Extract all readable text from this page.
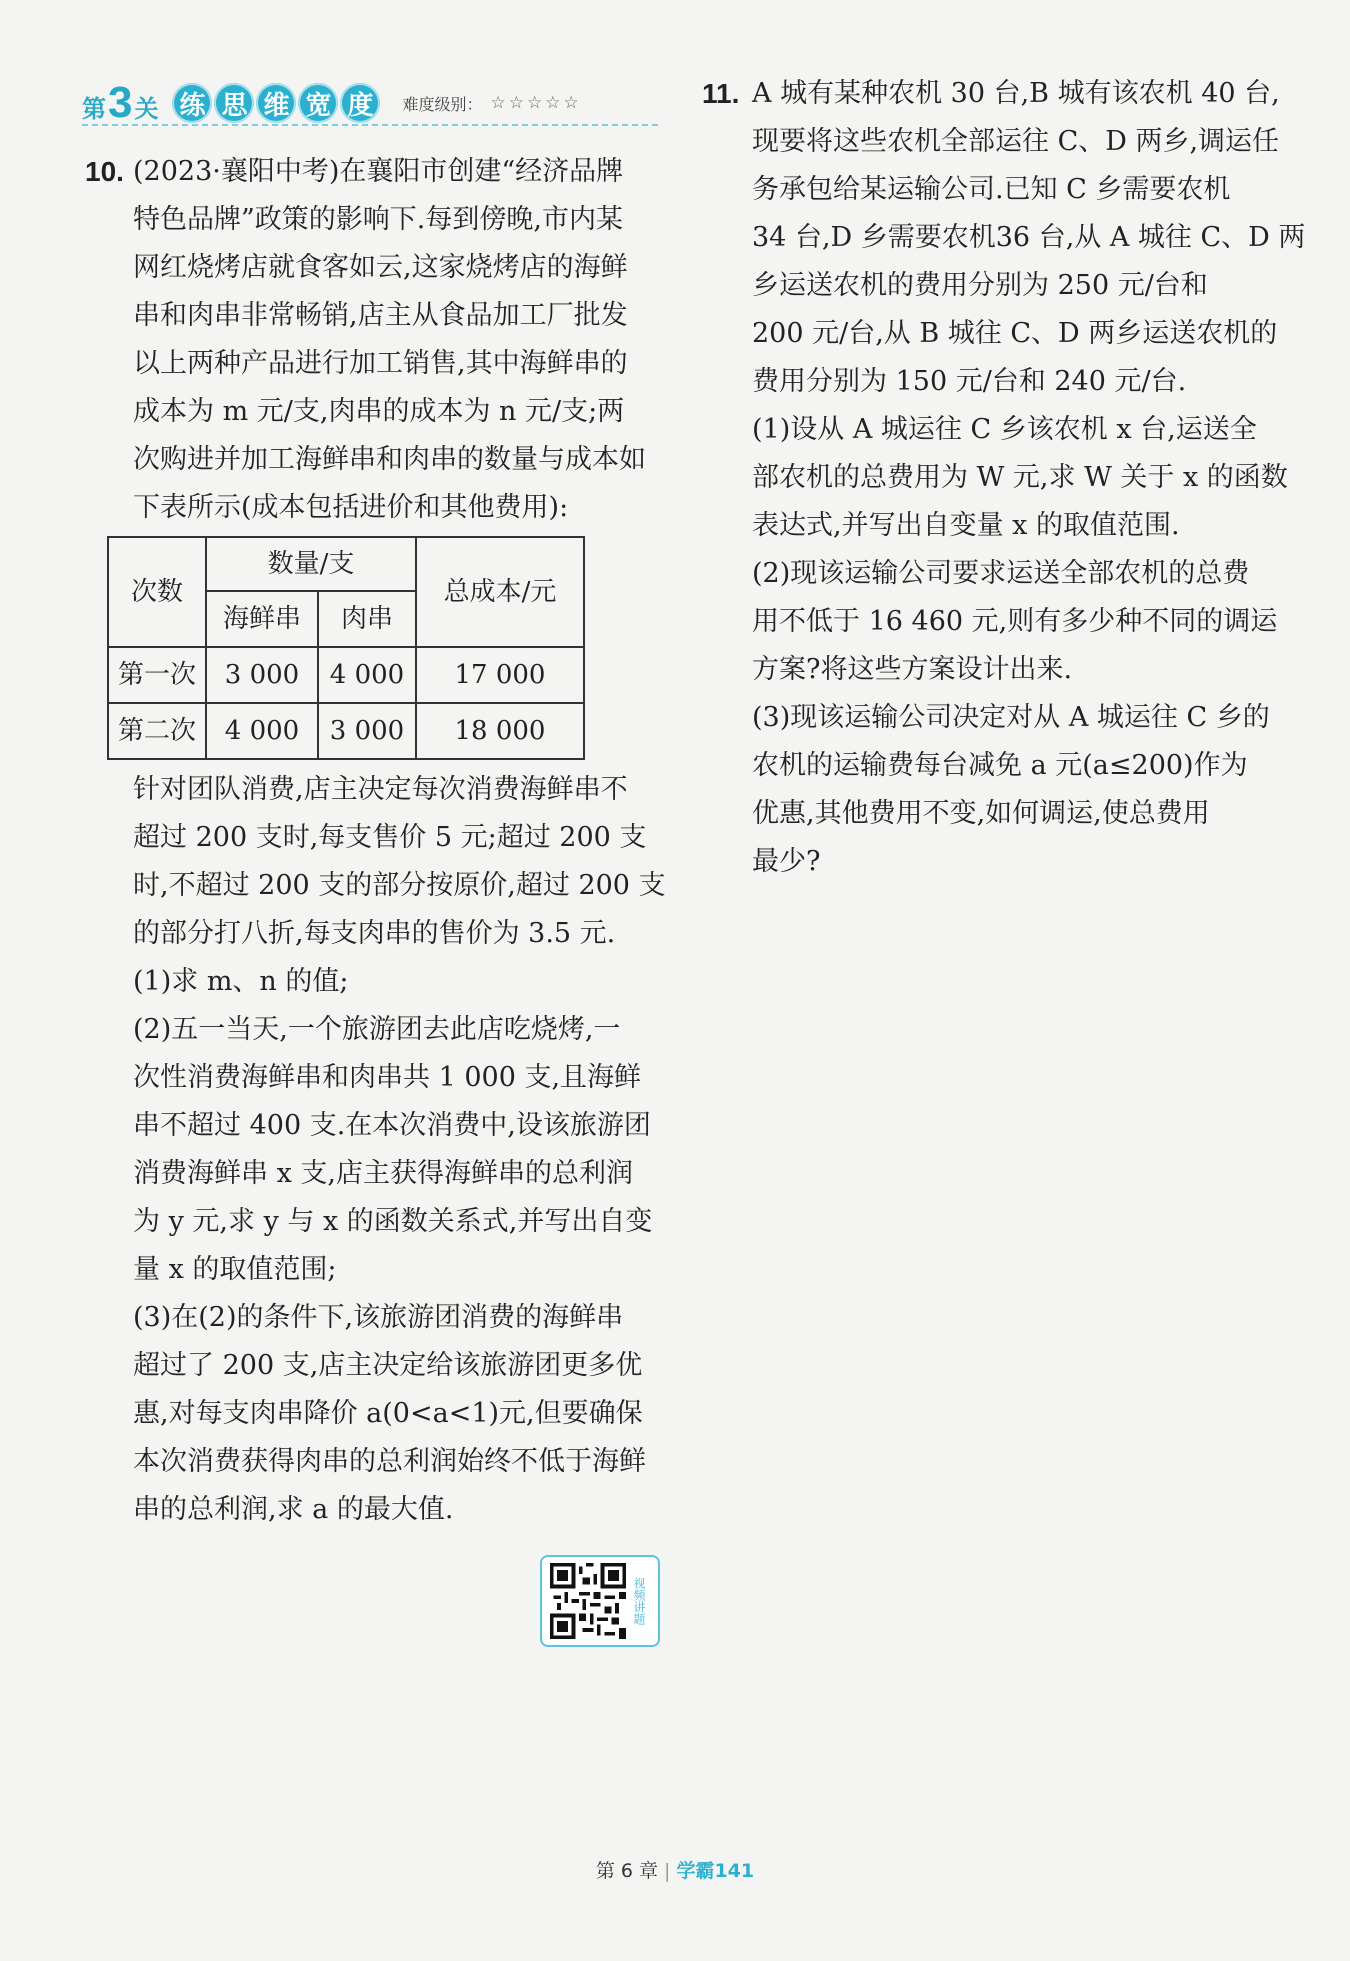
第 3 关 练 思 维 宽 度	难度级别： ☆☆☆☆☆
10. (2023·襄阳中考)在襄阳市创建“经济品牌
特色品牌”政策的影响下.每到傍晚,市内某
网红烧烤店就食客如云,这家烧烤店的海鲜
串和肉串非常畅销,店主从食品加工厂批发
以上两种产品进行加工销售,其中海鲜串的
成本为 m 元/支,肉串的成本为 n 元/支;两
次购进并加工海鲜串和肉串的数量与成本如
下表所示(成本包括进价和其他费用):
次数	数量/支		总成本/元
	海鲜串	肉串	
第一次	3 000	4 000	17 000
第二次	4 000	3 000	18 000
针对团队消费,店主决定每次消费海鲜串不
超过 200 支时,每支售价 5 元;超过 200 支
时,不超过 200 支的部分按原价,超过 200 支
的部分打八折,每支肉串的售价为 3.5 元.
(1)求 m、n 的值;
(2)五一当天,一个旅游团去此店吃烧烤,一
次性消费海鲜串和肉串共 1 000 支,且海鲜
串不超过 400 支.在本次消费中,设该旅游团
消费海鲜串 x 支,店主获得海鲜串的总利润
为 y 元,求 y 与 x 的函数关系式,并写出自变
量 x 的取值范围;
(3)在(2)的条件下,该旅游团消费的海鲜串
超过了 200 支,店主决定给该旅游团更多优
惠,对每支肉串降价 a(0<a<1)元,但要确保
本次消费获得肉串的总利润始终不低于海鲜
串的总利润,求 a 的最大值.
11. A 城有某种农机 30 台,B 城有该农机 40 台,
现要将这些农机全部运往 C、D 两乡,调运任
务承包给某运输公司.已知 C 乡需要农机
34 台,D 乡需要农机36 台,从 A 城往 C、D 两
乡运送农机的费用分别为 250 元/台和
200 元/台,从 B 城往 C、D 两乡运送农机的
费用分别为 150 元/台和 240 元/台.
(1)设从 A 城运往 C 乡该农机 x 台,运送全
部农机的总费用为 W 元,求 W 关于 x 的函数
表达式,并写出自变量 x 的取值范围.
(2)现该运输公司要求运送全部农机的总费
用不低于 16 460 元,则有多少种不同的调运
方案?将这些方案设计出来.
(3)现该运输公司决定对从 A 城运往 C 乡的
农机的运输费每台减免 a 元(a≤200)作为
优惠,其他费用不变,如何调运,使总费用
最少?
视频讲题
第 6 章 | 学霸141
